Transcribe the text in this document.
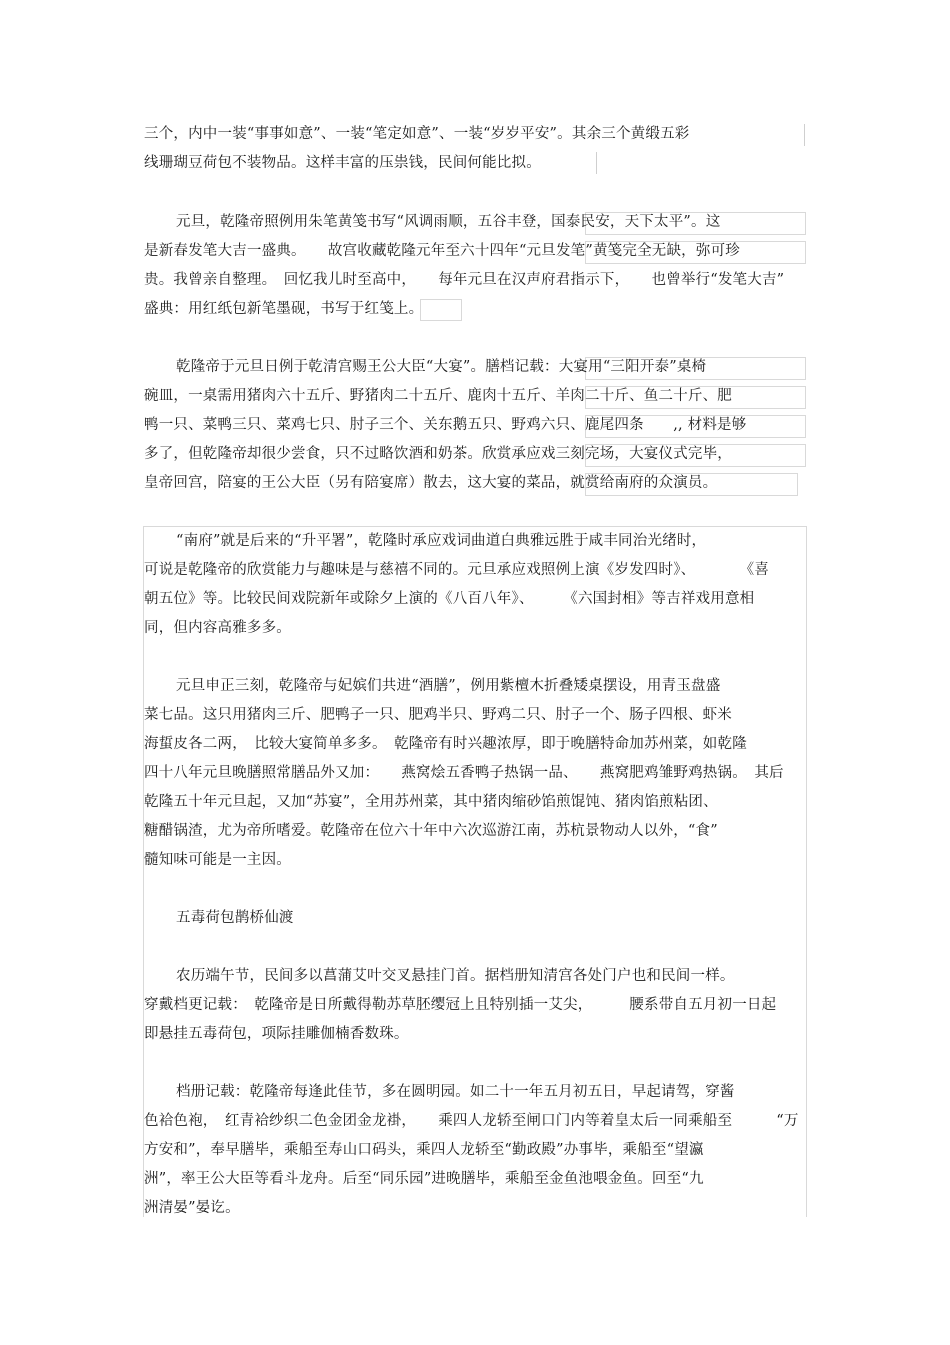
三个，内中一装“事事如意”、一装“笔定如意”、一装“岁岁平安”。其余三个黄缎五彩
线珊瑚豆荷包不装物品。这样丰富的压祟钱，民间何能比拟。
元旦，乾隆帝照例用朱笔黄笺书写“风调雨顺，五谷丰登，国泰民安，天下太平”。这
是新春发笔大吉一盛典。　　故宫收藏乾隆元年至六十四年“元旦发笔”黄笺完全无缺，弥可珍
贵。我曾亲自整理。　回忆我儿时至高中，　　每年元旦在汉声府君指示下，　　也曾举行“发笔大吉”
盛典：用红纸包新笔墨砚，书写于红笺上。
乾隆帝于元旦日例于乾清宫赐王公大臣“大宴”。膳档记载：大宴用“三阳开泰”桌椅
碗皿，一桌需用猪肉六十五斤、野猪肉二十五斤、鹿肉十五斤、羊肉二十斤、鱼二十斤、肥
鸭一只、菜鸭三只、菜鸡七只、肘子三个、关东鹅五只、野鸡六只、鹿尾四条　　,, 材料是够
多了，但乾隆帝却很少尝食，只不过略饮酒和奶茶。欣赏承应戏三刻完场，大宴仪式完毕，
皇帝回宫，陪宴的王公大臣（另有陪宴席）散去，这大宴的菜品，就赏给南府的众演员。
“南府”就是后来的“升平署”，乾隆时承应戏词曲道白典雅远胜于咸丰同治光绪时，
可说是乾隆帝的欣赏能力与趣味是与慈禧不同的。元旦承应戏照例上演《岁发四时》、　　　　《喜
朝五位》等。比较民间戏院新年或除夕上演的《八百八年》、　　　《六国封相》等吉祥戏用意相
同，但内容高雅多多。
元旦申正三刻，乾隆帝与妃嫔们共进“酒膳”，例用紫檀木折叠矮桌摆设，用青玉盘盛
菜七品。这只用猪肉三斤、肥鸭子一只、肥鸡半只、野鸡二只、肘子一个、肠子四根、虾米
海蜇皮各二两，　比较大宴简单多多。　乾隆帝有时兴趣浓厚，即于晚膳特命加苏州菜，如乾隆
四十八年元旦晚膳照常膳品外又加：　　燕窝烩五香鸭子热锅一品、　　燕窝肥鸡雏野鸡热锅。　其后
乾隆五十年元旦起，又加“苏宴”，全用苏州菜，其中猪肉缩砂馅煎馄饨、猪肉馅煎粘团、
糖醋锅渣，尤为帝所嗜爱。乾隆帝在位六十年中六次巡游江南，苏杭景物动人以外，“食”
髓知味可能是一主因。
五毒荷包鹊桥仙渡
农历端午节，民间多以菖蒲艾叶交叉悬挂门首。据档册知清宫各处门户也和民间一样。
穿戴档更记载：　乾隆帝是日所戴得勒苏草胚缨冠上且特别插一艾尖，　　　腰系带自五月初一日起
即悬挂五毒荷包，项际挂雕伽楠香数珠。
档册记载：乾隆帝每逢此佳节，多在圆明园。如二十一年五月初五日，早起请驾，穿酱
色袷色袍，　红青袷纱织二色金团金龙褂，　　乘四人龙轿至闸口门内等着皇太后一同乘船至　　　“万
方安和”，奉早膳毕，乘船至寿山口码头，乘四人龙轿至“勤政殿”办事毕，乘船至“望瀛
洲”，率王公大臣等看斗龙舟。后至“同乐园”进晚膳毕，乘船至金鱼池喂金鱼。回至“九
洲清晏”晏讫。
